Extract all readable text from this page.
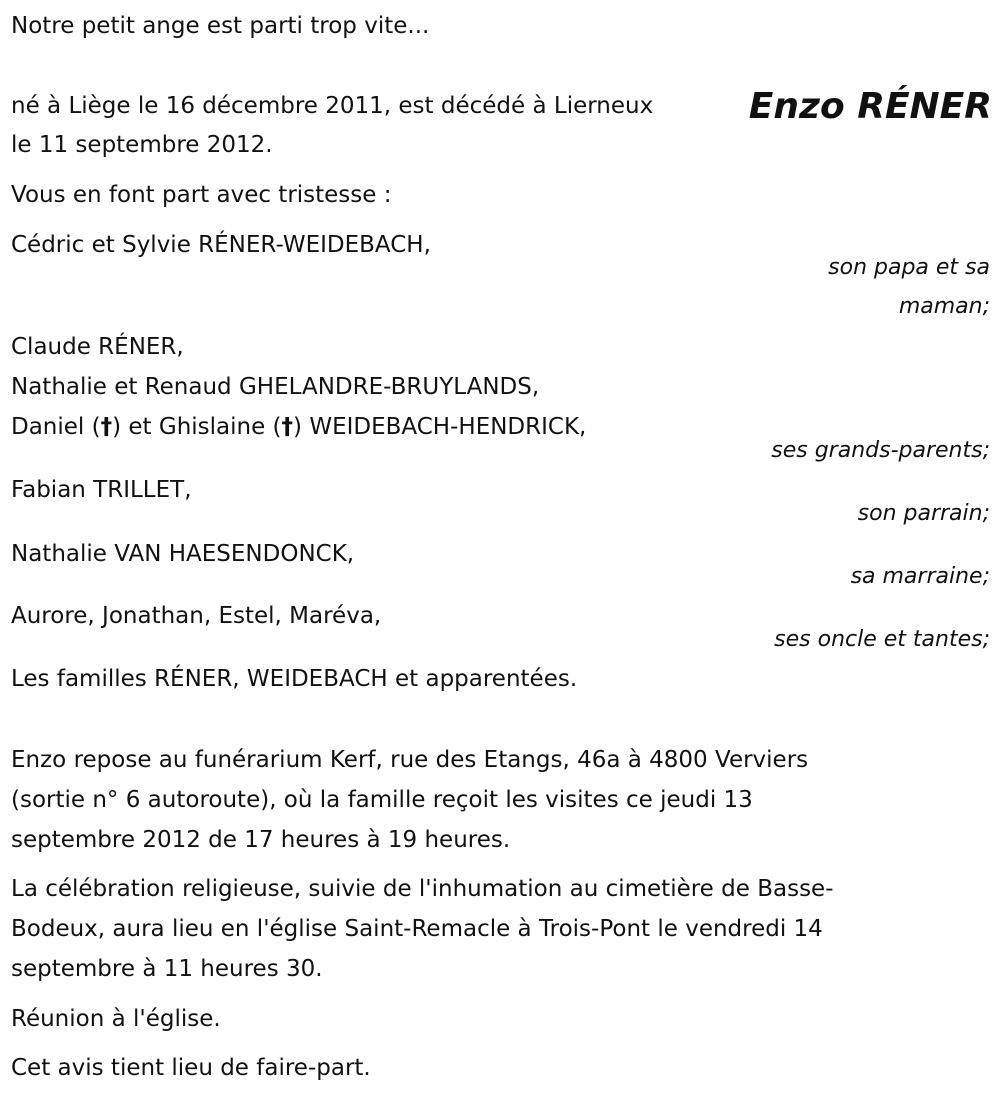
Notre petit ange est parti trop vite...
Enzo RÉNER
né à Liège le 16 décembre 2011, est décédé à Lierneux
le 11 septembre 2012.
Vous en font part avec tristesse :
Cédric et Sylvie RÉNER-WEIDEBACH,
son papa et sa
maman;
Claude RÉNER,
Nathalie et Renaud GHELANDRE-BRUYLANDS,
Daniel (†) et Ghislaine (†) WEIDEBACH-HENDRICK,
ses grands-parents;
Fabian TRILLET,
son parrain;
Nathalie VAN HAESENDONCK,
sa marraine;
Aurore, Jonathan, Estel, Maréva,
ses oncle et tantes;
Les familles RÉNER, WEIDEBACH et apparentées.
Enzo repose au funérarium Kerf, rue des Etangs, 46a à 4800 Verviers
(sortie n° 6 autoroute), où la famille reçoit les visites ce jeudi 13
septembre 2012 de 17 heures à 19 heures.
La célébration religieuse, suivie de l'inhumation au cimetière de Basse-
Bodeux, aura lieu en l'église Saint-Remacle à Trois-Pont le vendredi 14
septembre à 11 heures 30.
Réunion à l'église.
Cet avis tient lieu de faire-part.
